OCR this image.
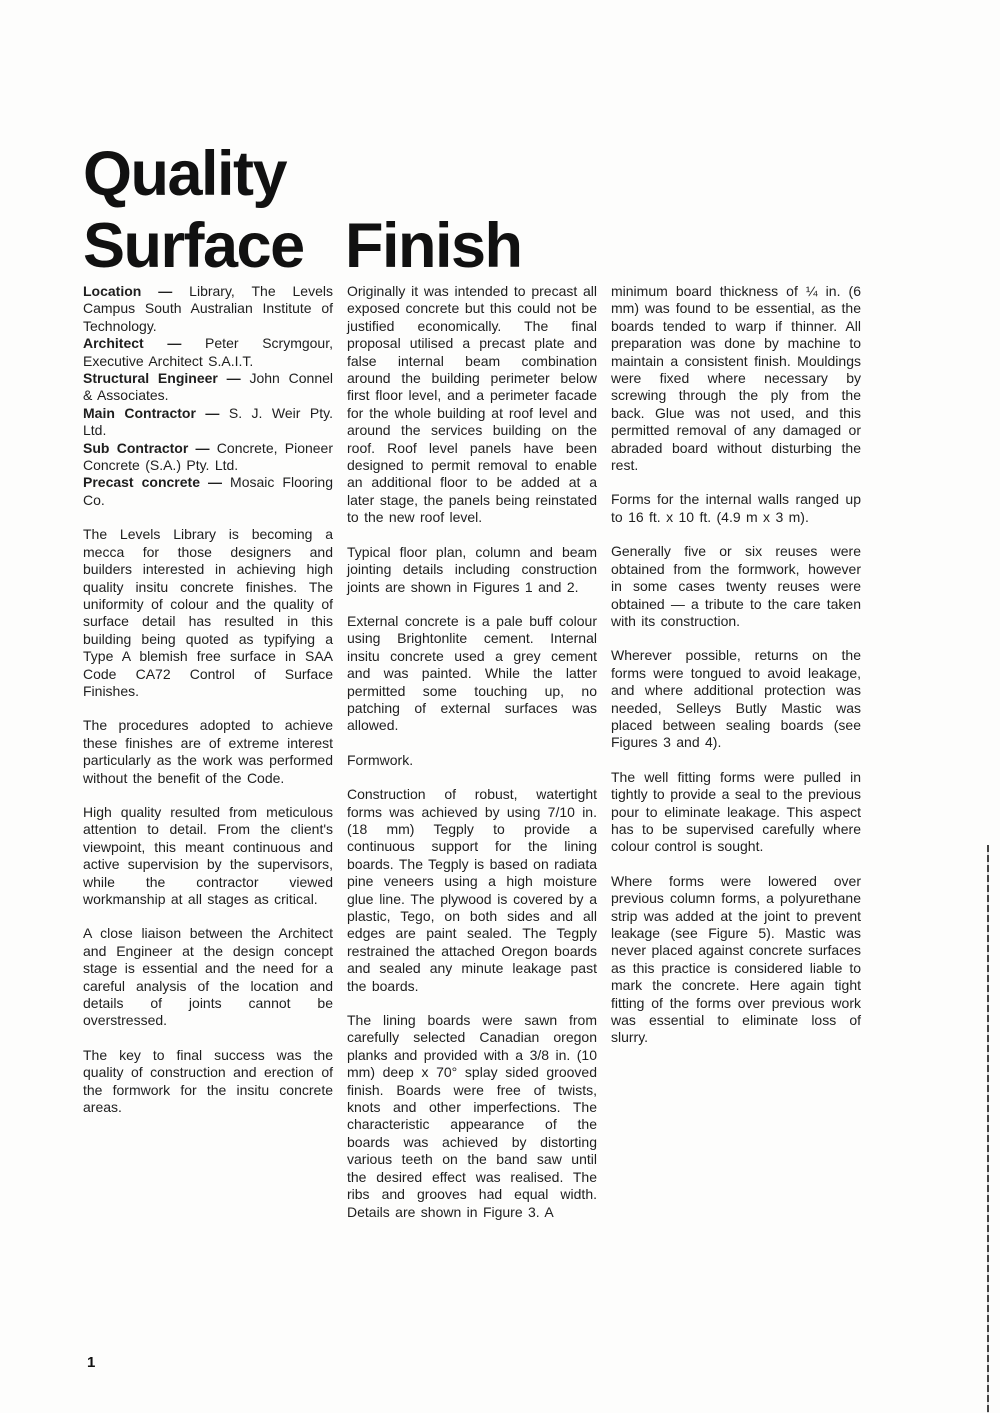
Quality
Surface Finish

Location — Library, The Levels Campus South Australian Institute of Technology.

Architect — Peter Scrymgour, Executive Architect S.A.I.T.

Structural Engineer — John Connel & Associates.

Main Contractor — S. J. Weir Pty. Ltd.

Sub Contractor — Concrete, Pioneer Concrete (S.A.) Pty. Ltd.

Precast concrete — Mosaic Flooring Co.

The Levels Library is becoming a mecca for those designers and builders interested in achieving high quality insitu concrete finishes. The uniformity of colour and the quality of surface detail has resulted in this building being quoted as typifying a Type A blemish free surface in SAA Code CA72 Control of Surface Finishes.

The procedures adopted to achieve these finishes are of extreme interest particularly as the work was performed without the benefit of the Code.

High quality resulted from meticulous attention to detail. From the client's viewpoint, this meant continuous and active supervision by the supervisors, while the contractor viewed workmanship at all stages as critical.

A close liaison between the Architect and Engineer at the design concept stage is essential and the need for a careful analysis of the location and details of joints cannot be overstressed.

The key to final success was the quality of construction and erection of the formwork for the insitu concrete areas.

Originally it was intended to precast all exposed concrete but this could not be justified economically. The final proposal utilised a precast plate and false internal beam combination around the building perimeter below first floor level, and a perimeter facade for the whole building at roof level and around the services building on the roof. Roof level panels have been designed to permit removal to enable an additional floor to be added at a later stage, the panels being reinstated to the new roof level.

Typical floor plan, column and beam jointing details including construction joints are shown in Figures 1 and 2.

External concrete is a pale buff colour using Brightonlite cement. Internal insitu concrete used a grey cement and was painted. While the latter permitted some touching up, no patching of external surfaces was allowed.

Formwork.

Construction of robust, watertight forms was achieved by using 7/10 in. (18 mm) Tegply to provide a continuous support for the lining boards. The Tegply is based on radiata pine veneers using a high moisture glue line. The plywood is covered by a plastic, Tego, on both sides and all edges are paint sealed. The Tegply restrained the attached Oregon boards and sealed any minute leakage past the boards.

The lining boards were sawn from carefully selected Canadian oregon planks and provided with a 3/8 in. (10 mm) deep x 70° splay sided grooved finish. Boards were free of twists, knots and other imperfections. The characteristic appearance of the boards was achieved by distorting various teeth on the band saw until the desired effect was realised. The ribs and grooves had equal width. Details are shown in Figure 3. A

minimum board thickness of ¼ in. (6 mm) was found to be essential, as the boards tended to warp if thinner. All preparation was done by machine to maintain a consistent finish. Mouldings were fixed where necessary by screwing through the ply from the back. Glue was not used, and this permitted removal of any damaged or abraded board without disturbing the rest.

Forms for the internal walls ranged up to 16 ft. x 10 ft. (4.9 m x 3 m).

Generally five or six reuses were obtained from the formwork, however in some cases twenty reuses were obtained — a tribute to the care taken with its construction.

Wherever possible, returns on the forms were tongued to avoid leakage, and where additional protection was needed, Selleys Butly Mastic was placed between sealing boards (see Figures 3 and 4).

The well fitting forms were pulled in tightly to provide a seal to the previous pour to eliminate leakage. This aspect has to be supervised carefully where colour control is sought.

Where forms were lowered over previous column forms, a polyurethane strip was added at the joint to prevent leakage (see Figure 5). Mastic was never placed against concrete surfaces as this practice is considered liable to mark the concrete. Here again tight fitting of the forms over previous work was essential to eliminate loss of slurry.

1
